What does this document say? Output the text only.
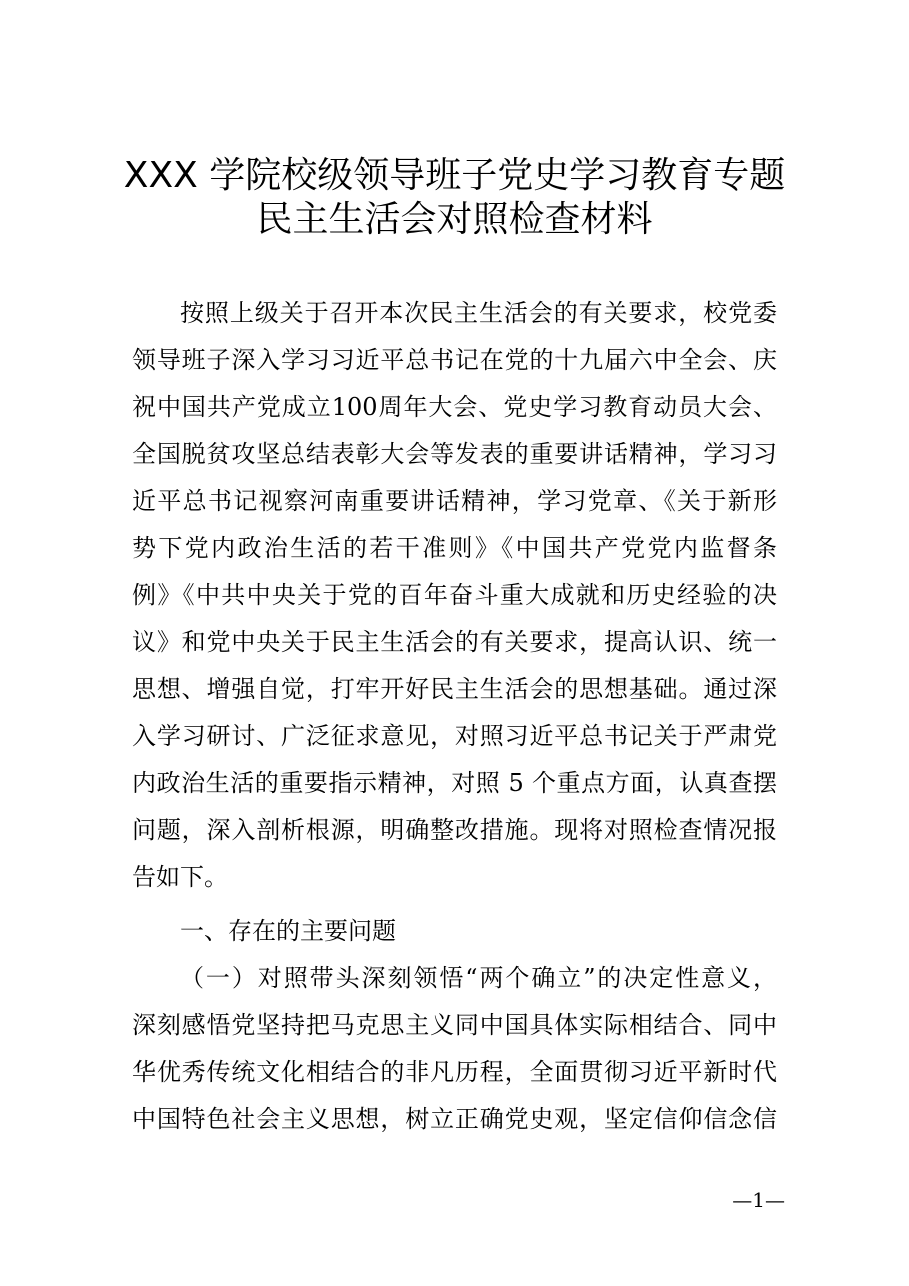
XXX 学院校级领导班子党史学习教育专题
民主生活会对照检查材料
按照上级关于召开本次民主生活会的有关要求，校党委
领导班子深入学习习近平总书记在党的十九届六中全会、庆
祝中国共产党成立100周年大会、党史学习教育动员大会、
全国脱贫攻坚总结表彰大会等发表的重要讲话精神，学习习
近平总书记视察河南重要讲话精神，学习党章、《关于新形
势下党内政治生活的若干准则》《中国共产党党内监督条
例》《中共中央关于党的百年奋斗重大成就和历史经验的决
议》和党中央关于民主生活会的有关要求，提高认识、统一
思想、增强自觉，打牢开好民主生活会的思想基础。通过深
入学习研讨、广泛征求意见，对照习近平总书记关于严肃党
内政治生活的重要指示精神，对照 5 个重点方面，认真查摆
问题，深入剖析根源，明确整改措施。现将对照检查情况报
告如下。
一、存在的主要问题
（一）对照带头深刻领悟“两个确立”的决定性意义，
深刻感悟党坚持把马克思主义同中国具体实际相结合、同中
华优秀传统文化相结合的非凡历程，全面贯彻习近平新时代
中国特色社会主义思想，树立正确党史观，坚定信仰信念信
—1—
